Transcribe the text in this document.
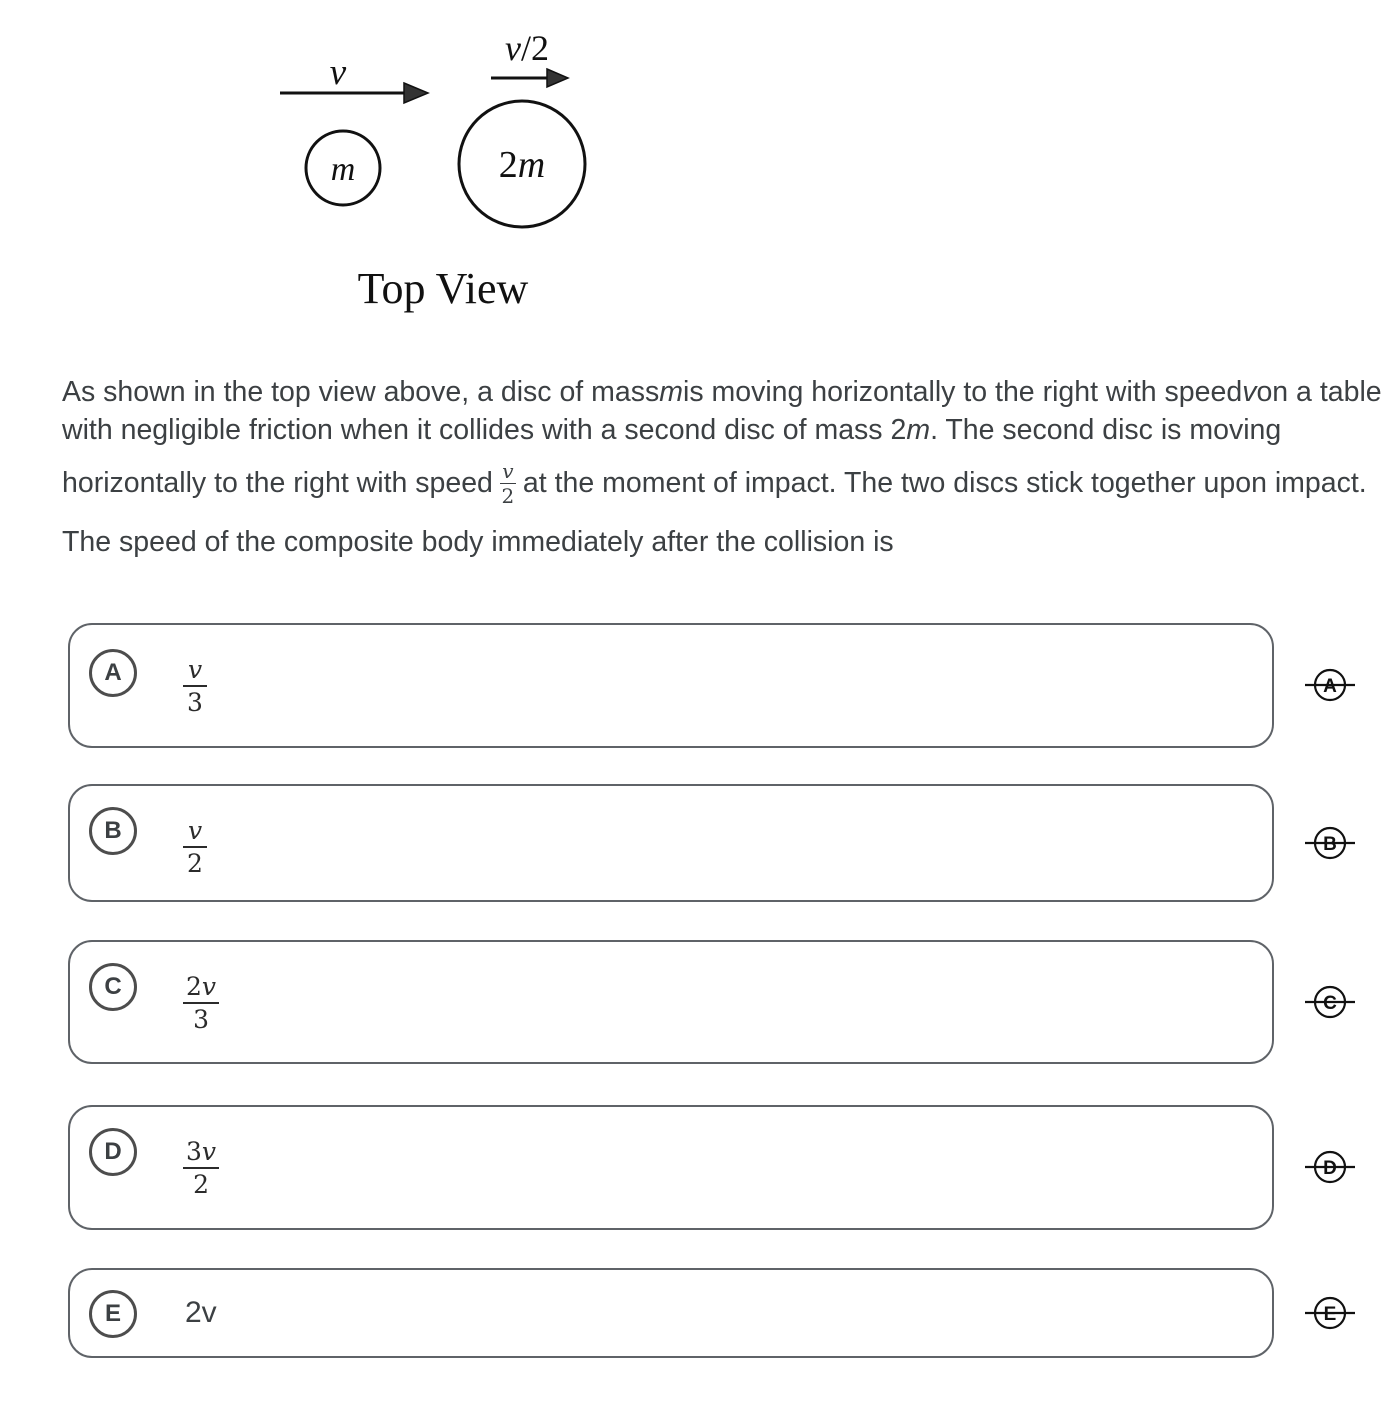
v
v/2
m	2m
Top View
As shown in the top view above, a disc of mass m is moving horizontally to the right with speed v on a table
with negligible friction when it collides with a second disc of mass 2 m . The second disc is moving
horizontally to the right with speed $\frac{v}{2}$ at the moment of impact. The two discs stick together upon impact.
The speed of the composite body immediately after the collision is
A	v
3
B	v
2
C	2v
3
D	3v
2
E 2v
A
B
C
D
E
